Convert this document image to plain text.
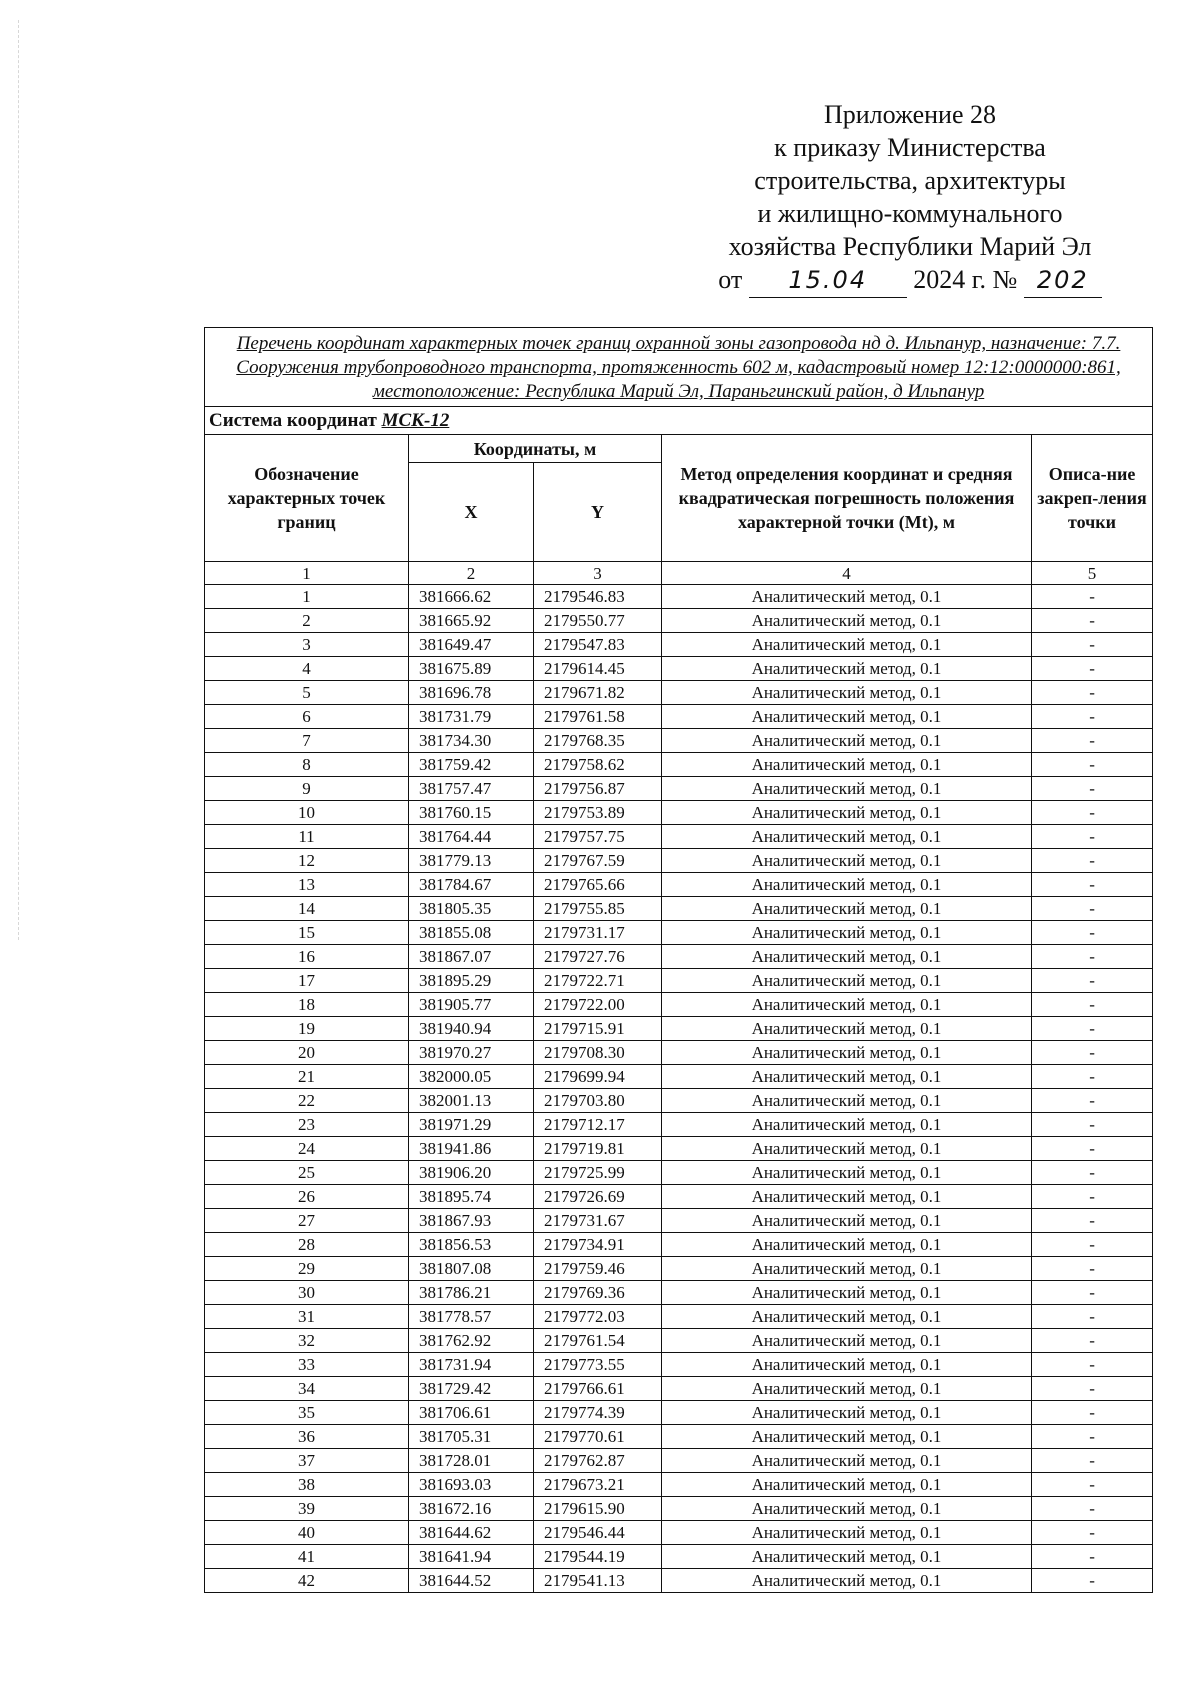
Приложение 28
к приказу Министерства
строительства, архитектуры
и жилищно-коммунального
хозяйства Республики Марий Эл
от 15.04 2024 г. № 202
Перечень координат характерных точек границ охранной зоны газопровода нд д. Ильпанур, назначение: 7.7. Сооружения трубопроводного транспорта, протяженность 602 м, кадастровый номер 12:12:0000000:861, местоположение: Республика Марий Эл, Параньгинский район, д Ильпанур				
Система координат МСК-12				
Обозначение характерных точек границ	Координаты, м		Метод определения координат и средняя квадратическая погрешность положения характерной точки (Mt), м	Описа-ние закреп-ления точки
	X	Y		
1	2	3	4	5
1	381666.62	2179546.83	Аналитический метод, 0.1	-
2	381665.92	2179550.77	Аналитический метод, 0.1	-
3	381649.47	2179547.83	Аналитический метод, 0.1	-
4	381675.89	2179614.45	Аналитический метод, 0.1	-
5	381696.78	2179671.82	Аналитический метод, 0.1	-
6	381731.79	2179761.58	Аналитический метод, 0.1	-
7	381734.30	2179768.35	Аналитический метод, 0.1	-
8	381759.42	2179758.62	Аналитический метод, 0.1	-
9	381757.47	2179756.87	Аналитический метод, 0.1	-
10	381760.15	2179753.89	Аналитический метод, 0.1	-
11	381764.44	2179757.75	Аналитический метод, 0.1	-
12	381779.13	2179767.59	Аналитический метод, 0.1	-
13	381784.67	2179765.66	Аналитический метод, 0.1	-
14	381805.35	2179755.85	Аналитический метод, 0.1	-
15	381855.08	2179731.17	Аналитический метод, 0.1	-
16	381867.07	2179727.76	Аналитический метод, 0.1	-
17	381895.29	2179722.71	Аналитический метод, 0.1	-
18	381905.77	2179722.00	Аналитический метод, 0.1	-
19	381940.94	2179715.91	Аналитический метод, 0.1	-
20	381970.27	2179708.30	Аналитический метод, 0.1	-
21	382000.05	2179699.94	Аналитический метод, 0.1	-
22	382001.13	2179703.80	Аналитический метод, 0.1	-
23	381971.29	2179712.17	Аналитический метод, 0.1	-
24	381941.86	2179719.81	Аналитический метод, 0.1	-
25	381906.20	2179725.99	Аналитический метод, 0.1	-
26	381895.74	2179726.69	Аналитический метод, 0.1	-
27	381867.93	2179731.67	Аналитический метод, 0.1	-
28	381856.53	2179734.91	Аналитический метод, 0.1	-
29	381807.08	2179759.46	Аналитический метод, 0.1	-
30	381786.21	2179769.36	Аналитический метод, 0.1	-
31	381778.57	2179772.03	Аналитический метод, 0.1	-
32	381762.92	2179761.54	Аналитический метод, 0.1	-
33	381731.94	2179773.55	Аналитический метод, 0.1	-
34	381729.42	2179766.61	Аналитический метод, 0.1	-
35	381706.61	2179774.39	Аналитический метод, 0.1	-
36	381705.31	2179770.61	Аналитический метод, 0.1	-
37	381728.01	2179762.87	Аналитический метод, 0.1	-
38	381693.03	2179673.21	Аналитический метод, 0.1	-
39	381672.16	2179615.90	Аналитический метод, 0.1	-
40	381644.62	2179546.44	Аналитический метод, 0.1	-
41	381641.94	2179544.19	Аналитический метод, 0.1	-
42	381644.52	2179541.13	Аналитический метод, 0.1	-
